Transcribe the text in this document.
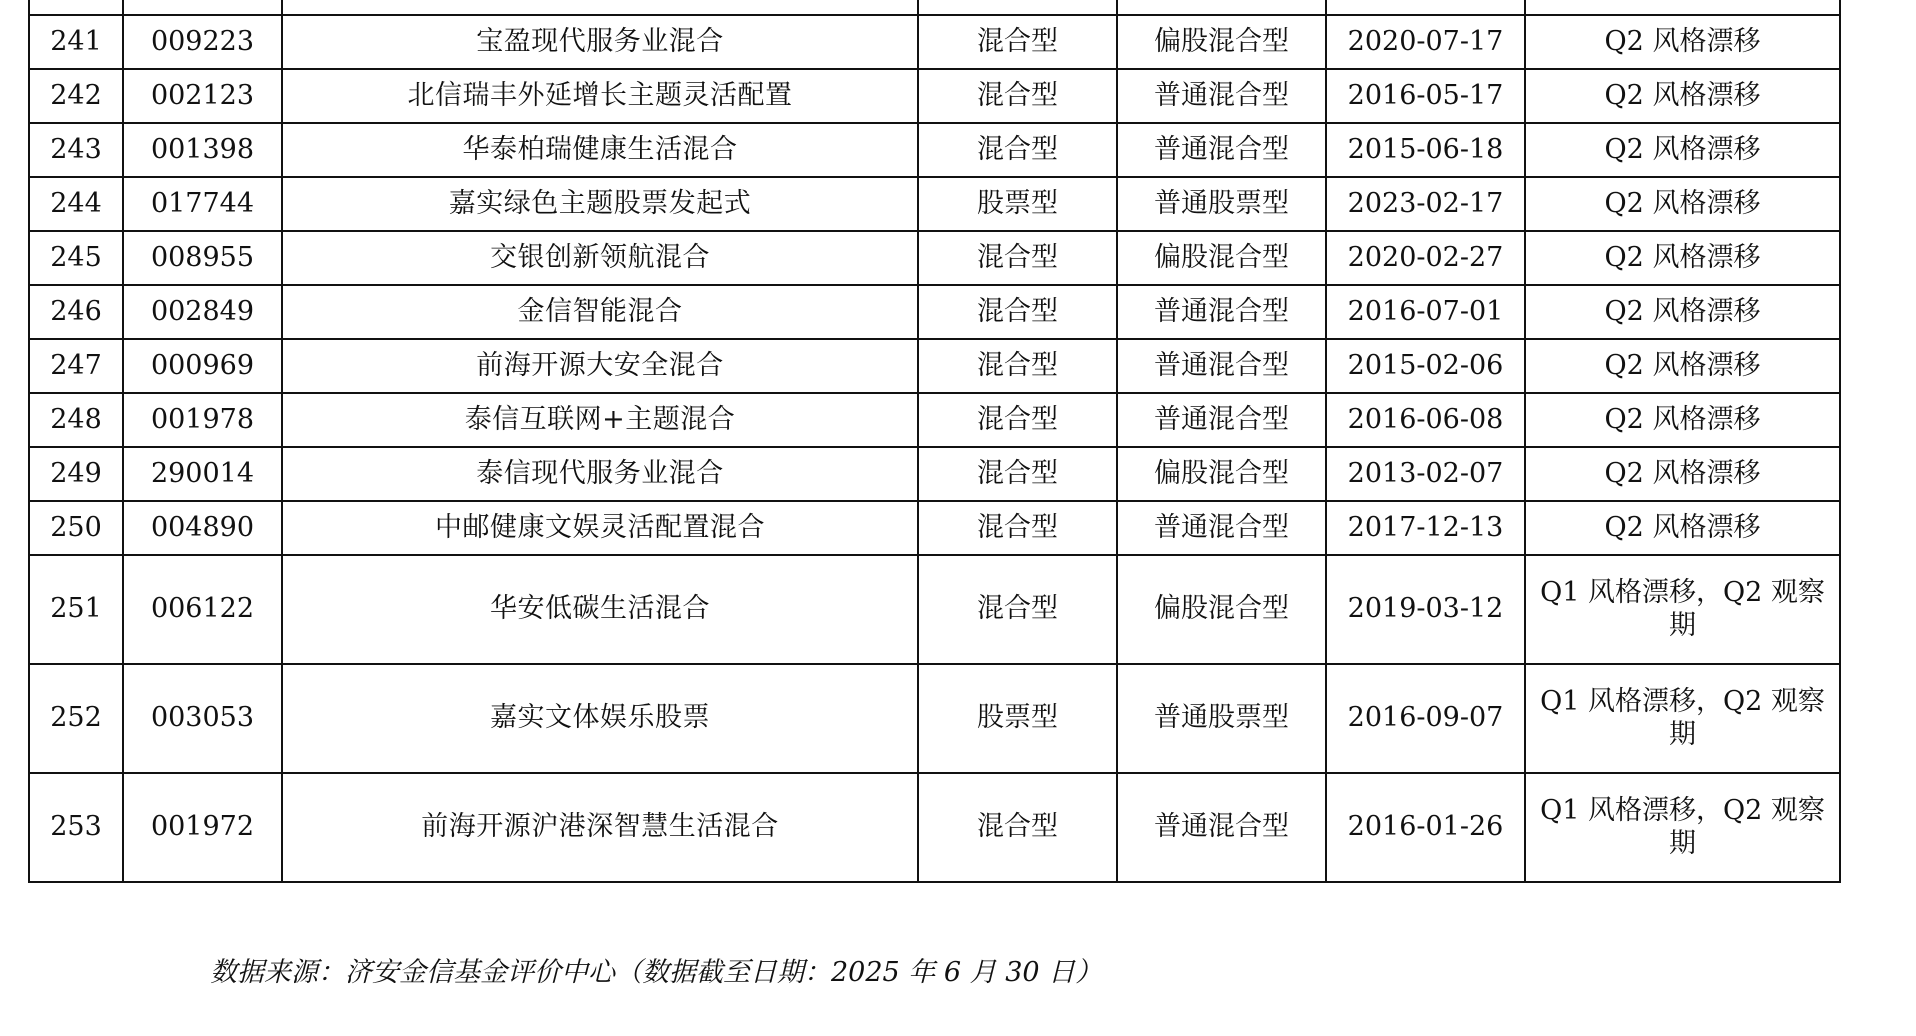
241	009223	宝盈现代服务业混合	混合型	偏股混合型	2020-07-17	Q2 风格漂移
242	002123	北信瑞丰外延增长主题灵活配置	混合型	普通混合型	2016-05-17	Q2 风格漂移
243	001398	华泰柏瑞健康生活混合	混合型	普通混合型	2015-06-18	Q2 风格漂移
244	017744	嘉实绿色主题股票发起式	股票型	普通股票型	2023-02-17	Q2 风格漂移
245	008955	交银创新领航混合	混合型	偏股混合型	2020-02-27	Q2 风格漂移
246	002849	金信智能混合	混合型	普通混合型	2016-07-01	Q2 风格漂移
247	000969	前海开源大安全混合	混合型	普通混合型	2015-02-06	Q2 风格漂移
248	001978	泰信互联网+主题混合	混合型	普通混合型	2016-06-08	Q2 风格漂移
249	290014	泰信现代服务业混合	混合型	偏股混合型	2013-02-07	Q2 风格漂移
250	004890	中邮健康文娱灵活配置混合	混合型	普通混合型	2017-12-13	Q2 风格漂移
251	006122	华安低碳生活混合	混合型	偏股混合型	2019-03-12	Q1 风格漂移，Q2 观察期
252	003053	嘉实文体娱乐股票	股票型	普通股票型	2016-09-07	Q1 风格漂移，Q2 观察期
253	001972	前海开源沪港深智慧生活混合	混合型	普通混合型	2016-01-26	Q1 风格漂移，Q2 观察期
数据来源：济安金信基金评价中心（数据截至日期：2025 年 6 月 30 日）
